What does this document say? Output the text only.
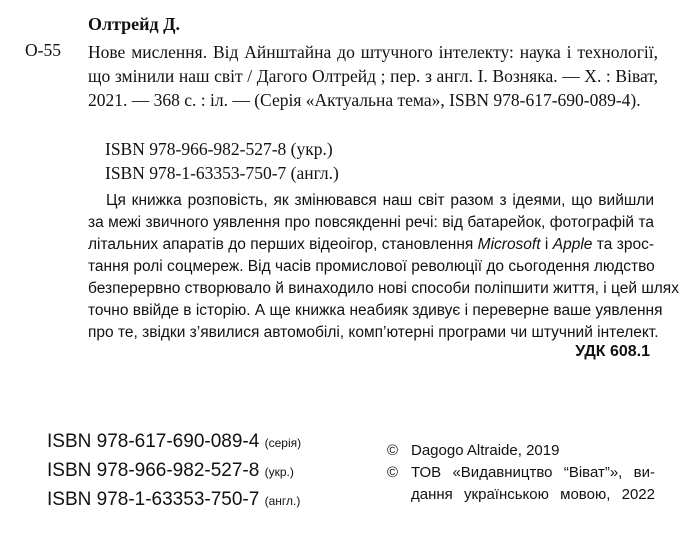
Олтрейд Д.
О-55 Нове мислення. Від Айнштайна до штучного інтелекту: наука і технології, що змінили наш світ / Дагого Олтрейд ; пер. з англ. І. Возняка. — Х. : Віват, 2021. — 368 с. : іл. — (Серія «Актуальна тема», ISBN 978-617-690-089-4).
ISBN 978-966-982-527-8 (укр.)
ISBN 978-1-63353-750-7 (англ.)
Ця книжка розповість, як змінювався наш світ разом з ідеями, що вийшли
за межі звичного уявлення про повсякденні речі: від батарейок, фотографій та
літальних апаратів до перших відеоігор, становлення Microsoft і Apple та зрос-
тання ролі соцмереж. Від часів промислової революції до сьогодення людство
безперервно створювало й винаходило нові способи поліпшити життя, і цей шлях
точно ввійде в історію. А ще книжка неабияк здивує і переверне ваше уявлення
про те, звідки з’явилися автомобілі, комп’ютерні програми чи штучний інтелект.
УДК 608.1
ISBN 978-617-690-089-4 (серія)
ISBN 978-966-982-527-8 (укр.)
ISBN 978-1-63353-750-7 (англ.)
© Dagogo Altraide, 2019
© ТОВ «Видавництво “Віват”», ви-
дання українською мовою, 2022
